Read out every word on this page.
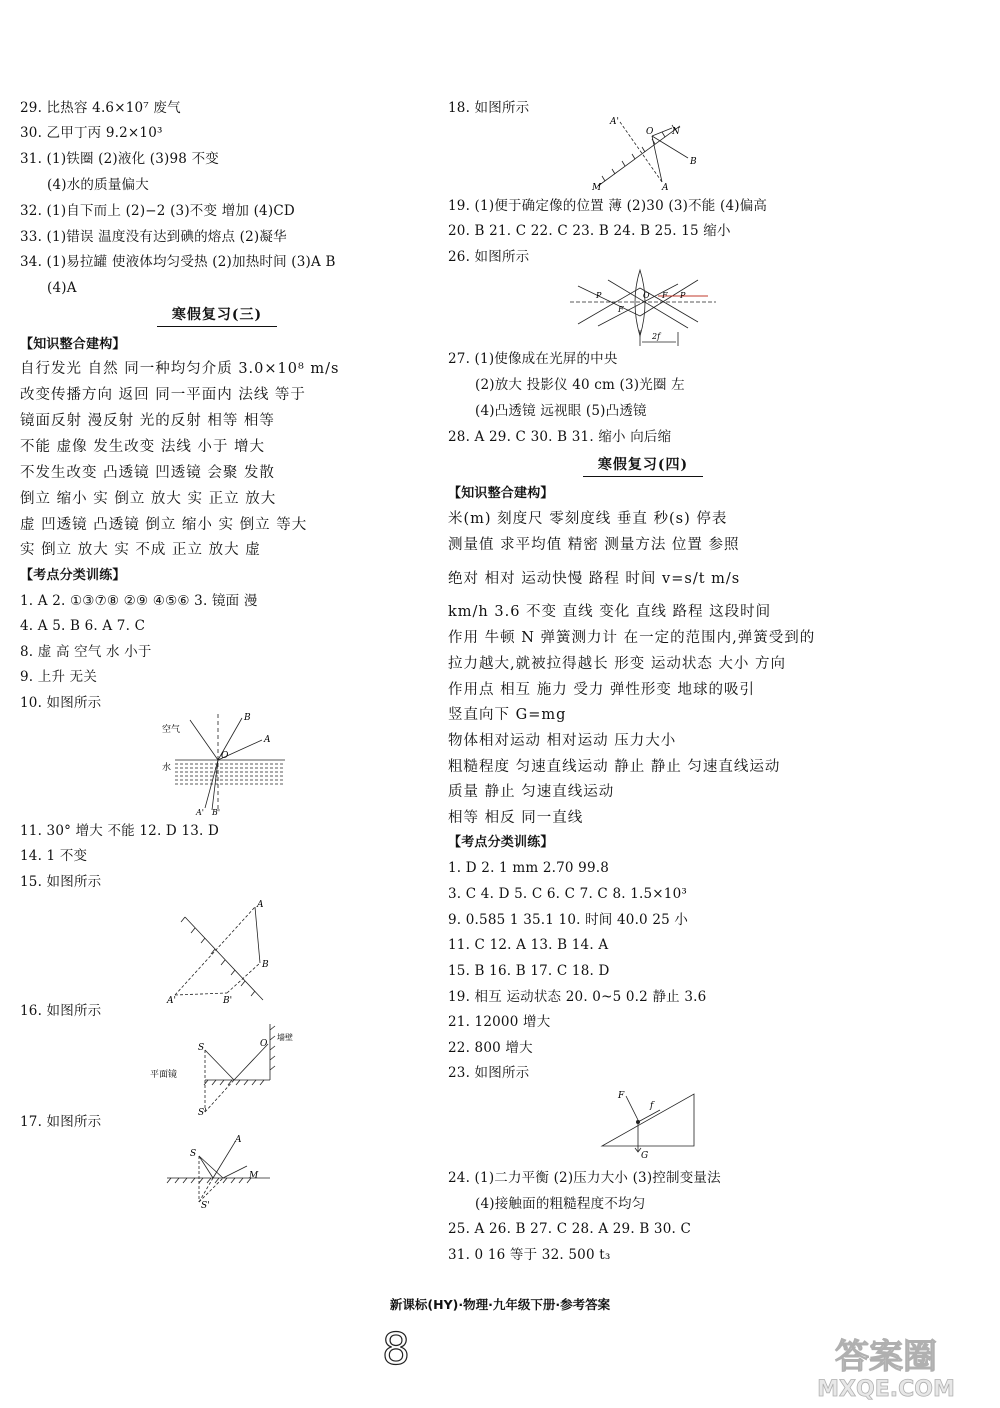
29. 比热容 4.6×10⁷ 废气
30. 乙甲丁丙 9.2×10³
31. (1)铁圈 (2)液化 (3)98 不变
(4)水的质量偏大
32. (1)自下而上 (2)−2 (3)不变 增加 (4)CD
33. (1)错误 温度没有达到碘的熔点 (2)凝华
34. (1)易拉罐 使液体均匀受热 (2)加热时间 (3)A B
(4)A
寒假复习(三)
【知识整合建构】
自行发光 自然 同一种均匀介质 3.0×10⁸ m/s
改变传播方向 返回 同一平面内 法线 等于
镜面反射 漫反射 光的反射 相等 相等
不能 虚像 发生改变 法线 小于 增大
不发生改变 凸透镜 凹透镜 会聚 发散
倒立 缩小 实 倒立 放大 实 正立 放大
虚 凹透镜 凸透镜 倒立 缩小 实 倒立 等大
实 倒立 放大 实 不成 正立 放大 虚
【考点分类训练】
1. A 2. ①③⑦⑧ ②⑨ ④⑤⑥ 3. 镜面 漫
4. A 5. B 6. A 7. C
8. 虚 高 空气 水 小于
9. 上升 无关
10. 如图所示
空气
水
B
A
O
A' B'
11. 30° 增大 不能 12. D 13. D
14. 1 不变
15. 如图所示
16. 如图所示
17. 如图所示
A
B
A'	B'
S	O
平面镜
墙壁
S'
S
A
M
S'
18. 如图所示
A'
O N
B
A
M
19. (1)便于确定像的位置 薄 (2)30 (3)不能 (4)偏高
20. B 21. C 22. C 23. B 24. B 25. 15 缩小
26. 如图所示
P
F
O F P
2f
27. (1)使像成在光屏的中央
(2)放大 投影仪 40 cm (3)光圈 左
(4)凸透镜 远视眼 (5)凸透镜
28. A 29. C 30. B 31. 缩小 向后缩
寒假复习(四)
【知识整合建构】
米(m) 刻度尺 零刻度线 垂直 秒(s) 停表
测量值 求平均值 精密 测量方法 位置 参照
绝对 相对 运动快慢 路程 时间 v=s/t m/s
km/h 3.6 不变 直线 变化 直线 路程 这段时间
作用 牛顿 N 弹簧测力计 在一定的范围内,弹簧受到的
拉力越大,就被拉得越长 形变 运动状态 大小 方向
作用点 相互 施力 受力 弹性形变 地球的吸引
竖直向下 G=mg
物体相对运动 相对运动 压力大小
粗糙程度 匀速直线运动 静止 静止 匀速直线运动
质量 静止 匀速直线运动
相等 相反 同一直线
【考点分类训练】
1. D 2. 1 mm 2.70 99.8
3. C 4. D 5. C 6. C 7. C 8. 1.5×10³
9. 0.585 1 35.1 10. 时间 40.0 25 小
11. C 12. A 13. B 14. A
15. B 16. B 17. C 18. D
19. 相互 运动状态 20. 0~5 0.2 静止 3.6
21. 12000 增大
22. 800 增大
23. 如图所示
F
f
G
24. (1)二力平衡 (2)压力大小 (3)控制变量法
(4)接触面的粗糙程度不均匀
25. A 26. B 27. C 28. A 29. B 30. C
31. 0 16 等于 32. 500 t₃
新课标(HY)·物理·九年级下册·参考答案
8	答案圈
MXQE.COM
